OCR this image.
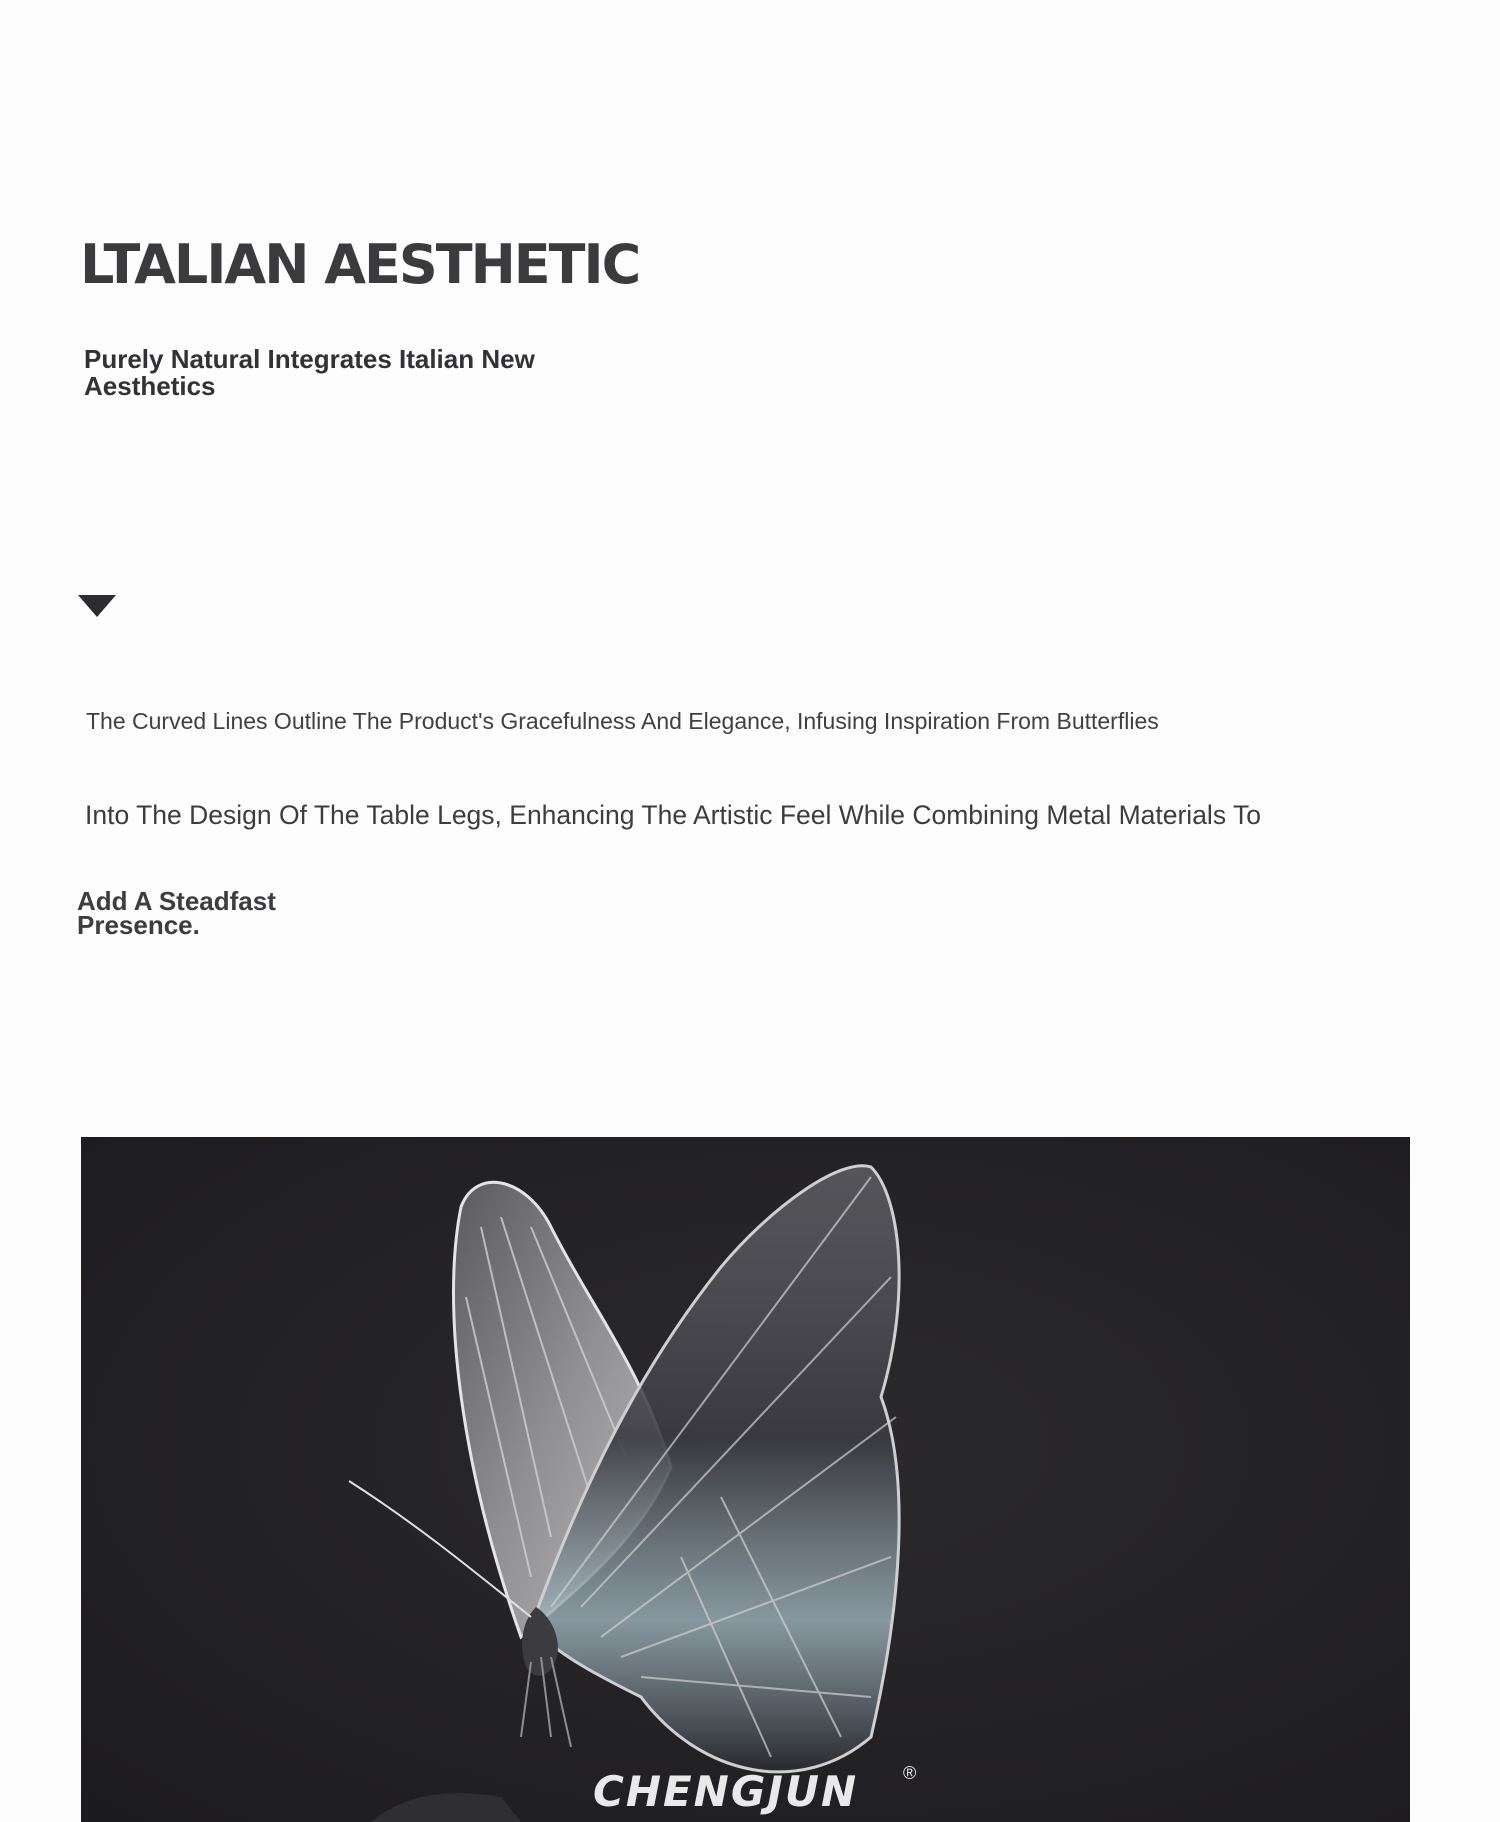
LTALIAN AESTHETIC
Purely Natural Integrates Italian New Aesthetics

The Curved Lines Outline The Product's Gracefulness And Elegance, Infusing Inspiration From Butterflies

Into The Design Of The Table Legs, Enhancing The Artistic Feel While Combining Metal Materials To

Add A Steadfast Presence.

CHENGJUN ®
